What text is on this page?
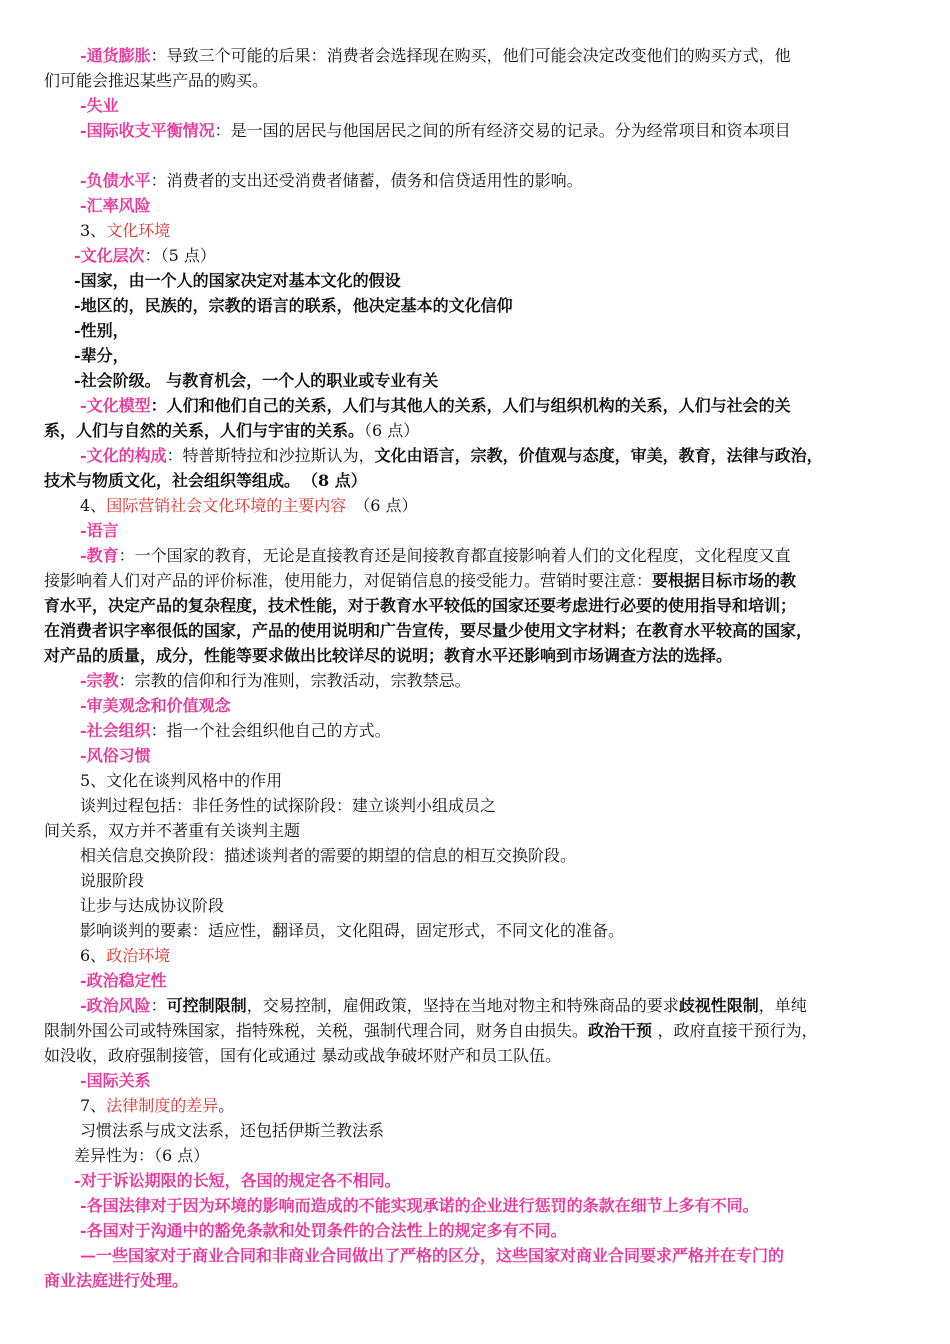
-通货膨胀：导致三个可能的后果：消费者会选择现在购买，他们可能会决定改变他们的购买方式，他
们可能会推迟某些产品的购买。
-失业
-国际收支平衡情况：是一国的居民与他国居民之间的所有经济交易的记录。分为经常项目和资本项目
-负债水平：消费者的支出还受消费者储蓄，债务和信贷适用性的影响。
-汇率风险
3、文化环境
-文化层次：（5 点）
-国家，由一个人的国家决定对基本文化的假设
-地区的，民族的，宗教的语言的联系，他决定基本的文化信仰
-性别，
-辈分，
-社会阶级。 与教育机会，一个人的职业或专业有关
-文化模型：人们和他们自己的关系，人们与其他人的关系，人们与组织机构的关系，人们与社会的关
系，人们与自然的关系，人们与宇宙的关系。（6 点）
-文化的构成：特普斯特拉和沙拉斯认为，文化由语言，宗教，价值观与态度，审美，教育，法律与政治，
技术与物质文化，社会组织等组成。 （8 点）
4、国际营销社会文化环境的主要内容 （6 点）
-语言
-教育：一个国家的教育，无论是直接教育还是间接教育都直接影响着人们的文化程度，文化程度又直
接影响着人们对产品的评价标准，使用能力，对促销信息的接受能力。营销时要注意：要根据目标市场的教
育水平，决定产品的复杂程度，技术性能，对于教育水平较低的国家还要考虑进行必要的使用指导和培训；
在消费者识字率很低的国家，产品的使用说明和广告宣传，要尽量少使用文字材料；在教育水平较高的国家，
对产品的质量，成分，性能等要求做出比较详尽的说明；教育水平还影响到市场调查方法的选择。
-宗教：宗教的信仰和行为准则，宗教活动，宗教禁忌。
-审美观念和价值观念
-社会组织：指一个社会组织他自己的方式。
-风俗习惯
5、文化在谈判风格中的作用
谈判过程包括：非任务性的试探阶段：建立谈判小组成员之
间关系，双方并不著重有关谈判主题
相关信息交换阶段：描述谈判者的需要的期望的信息的相互交换阶段。
说服阶段
让步与达成协议阶段
影响谈判的要素：适应性，翻译员，文化阻碍，固定形式，不同文化的准备。
6、政治环境
-政治稳定性
-政治风险：可控制限制，交易控制，雇佣政策，坚持在当地对物主和特殊商品的要求歧视性限制，单纯
限制外国公司或特殊国家，指特殊税，关税，强制代理合同，财务自由损失。政治干预 ，政府直接干预行为，
如没收，政府强制接管，国有化或通过 暴动或战争破坏财产和员工队伍。
-国际关系
7、法律制度的差异。
习惯法系与成文法系，还包括伊斯兰教法系
差异性为：（6 点）
-对于诉讼期限的长短，各国的规定各不相同。
-各国法律对于因为环境的影响而造成的不能实现承诺的企业进行惩罚的条款在细节上多有不同。
-各国对于沟通中的豁免条款和处罚条件的合法性上的规定多有不同。
—一些国家对于商业合同和非商业合同做出了严格的区分，这些国家对商业合同要求严格并在专门的
商业法庭进行处理。
